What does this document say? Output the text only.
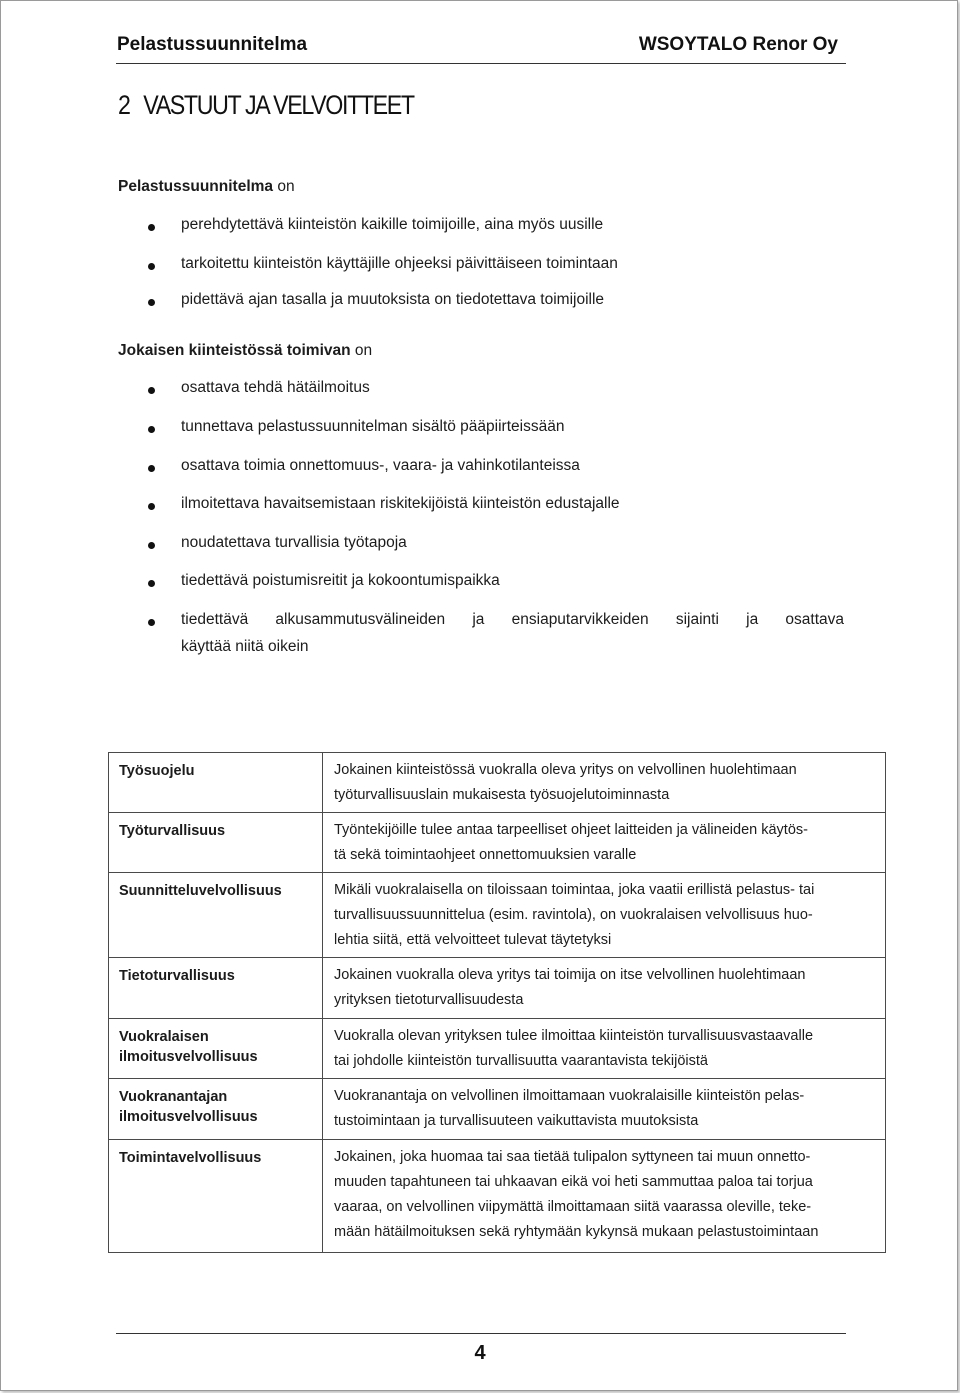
Pelastussuunnitelma	WSOYTALO Renor Oy
2 VASTUUT JA VELVOITTEET
Pelastussuunnitelma on
perehdytettävä kiinteistön kaikille toimijoille, aina myös uusille
tarkoitettu kiinteistön käyttäjille ohjeeksi päivittäiseen toimintaan
pidettävä ajan tasalla ja muutoksista on tiedotettava toimijoille
Jokaisen kiinteistössä toimivan on
osattava tehdä hätäilmoitus
tunnettava pelastussuunnitelman sisältö pääpiirteissään
osattava toimia onnettomuus-, vaara- ja vahinkotilanteissa
ilmoitettava havaitsemistaan riskitekijöistä kiinteistön edustajalle
noudatettava turvallisia työtapoja
tiedettävä poistumisreitit ja kokoontumispaikka
tiedettävä alkusammutusvälineiden ja ensiaputarvikkeiden sijainti ja osattava
käyttää niitä oikein
Työsuojelu	Jokainen kiinteistössä vuokralla oleva yritys on velvollinen huolehtimaan
työturvallisuuslain mukaisesta työsuojelutoiminnasta

Työturvallisuus	Työntekijöille tulee antaa tarpeelliset ohjeet laitteiden ja välineiden käytös-
tä sekä toimintaohjeet onnettomuuksien varalle

Suunnitteluvelvollisuus	Mikäli vuokralaisella on tiloissaan toimintaa, joka vaatii erillistä pelastus- tai
turvallisuussuunnittelua (esim. ravintola), on vuokralaisen velvollisuus huo-
lehtia siitä, että velvoitteet tulevat täytetyksi

Tietoturvallisuus	Jokainen vuokralla oleva yritys tai toimija on itse velvollinen huolehtimaan
yrityksen tietoturvallisuudesta

Vuokralaisen ilmoitusvelvollisuus	Vuokralla olevan yrityksen tulee ilmoittaa kiinteistön turvallisuusvastaavalle
tai johdolle kiinteistön turvallisuutta vaarantavista tekijöistä

Vuokranantajan ilmoitusvelvollisuus	Vuokranantaja on velvollinen ilmoittamaan vuokralaisille kiinteistön pelas-
tustoimintaan ja turvallisuuteen vaikuttavista muutoksista

Toimintavelvollisuus	Jokainen, joka huomaa tai saa tietää tulipalon syttyneen tai muun onnetto-
muuden tapahtuneen tai uhkaavan eikä voi heti sammuttaa paloa tai torjua
vaaraa, on velvollinen viipymättä ilmoittamaan siitä vaarassa oleville, teke-
mään hätäilmoituksen sekä ryhtymään kykynsä mukaan pelastustoimintaan
4
